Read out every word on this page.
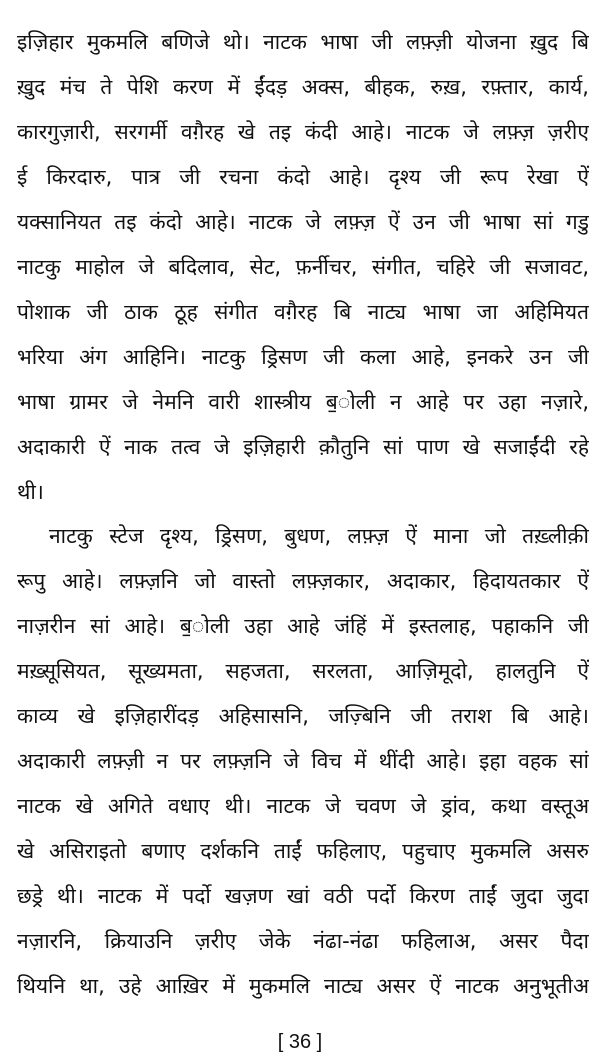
इज़िहार मुकमलि बणिजे थो। नाटक भाषा जी लफ़्ज़ी योजना ख़ुद बि
ख़ुद मंच ते पेशि करण में ईंदड़ अक्स, बीहक, रुख़, रफ़्तार, कार्य,
कारगुज़ारी, सरगर्मी वग़ैरह खे तइ कंदी आहे। नाटक जे लफ़्ज़ ज़रीए
ई किरदारु, पात्र जी रचना कंदो आहे। दृश्य जी रूप रेखा ऐं
यक्सानियत तइ कंदो आहे। नाटक जे लफ़्ज़ ऐं उन जी भाषा सां गडु
नाटकु माहोल जे बदिलाव, सेट, फ़र्नीचर, संगीत, चहिरे जी सजावट,
पोशाक जी ठाक ठूह संगीत वग़ैरह बि नाट्य भाषा जा अहिमियत
भरिया अंग आहिनि। नाटकु ड्रिसण जी कला आहे, इनकरे उन जी
भाषा ग्रामर जे नेमनि वारी शास्त्रीय ब॒ोली न आहे पर उहा नज़ारे,
अदाकारी ऐं नाक तत्व जे इज़िहारी क़ौतुनि सां पाण खे सजाईंदी रहे
थी।
नाटकु स्टेज दृश्य, ड्रिसण, बुधण, लफ़्ज़ ऐं माना जो तख़्लीक़ी
रूपु आहे। लफ़्ज़नि जो वास्तो लफ़्ज़कार, अदाकार, हिदायतकार ऐं
नाज़रीन सां आहे। ब॒ोली उहा आहे जंहिं में इस्तलाह, पहाकनि जी
मख़्सूसियत, सूख्यमता, सहजता, सरलता, आज़िमूदो, हालतुनि ऐं
काव्य खे इज़िहारींदड़ अहिसासनि, जज़्बिनि जी तराश बि आहे।
अदाकारी लफ़्ज़ी न पर लफ़्ज़नि जे विच में थींदी आहे। इहा वहक सां
नाटक खे अगिते वधाए थी। नाटक जे चवण जे ड्रांव, कथा वस्तूअ
खे असिराइतो बणाए दर्शकनि ताईं फहिलाए, पहुचाए मुकमलि असरु
छड्रे थी। नाटक में पर्दो खज़ण खां वठी पर्दो किरण ताईं जुदा जुदा
नज़ारनि, क्रियाउनि ज़रीए जेके नंढा-नंढा फहिलाअ, असर पैदा
थियनि था, उहे आख़िर में मुकमलि नाट्य असर ऐं नाटक अनुभूतीअ
[ 36 ]
